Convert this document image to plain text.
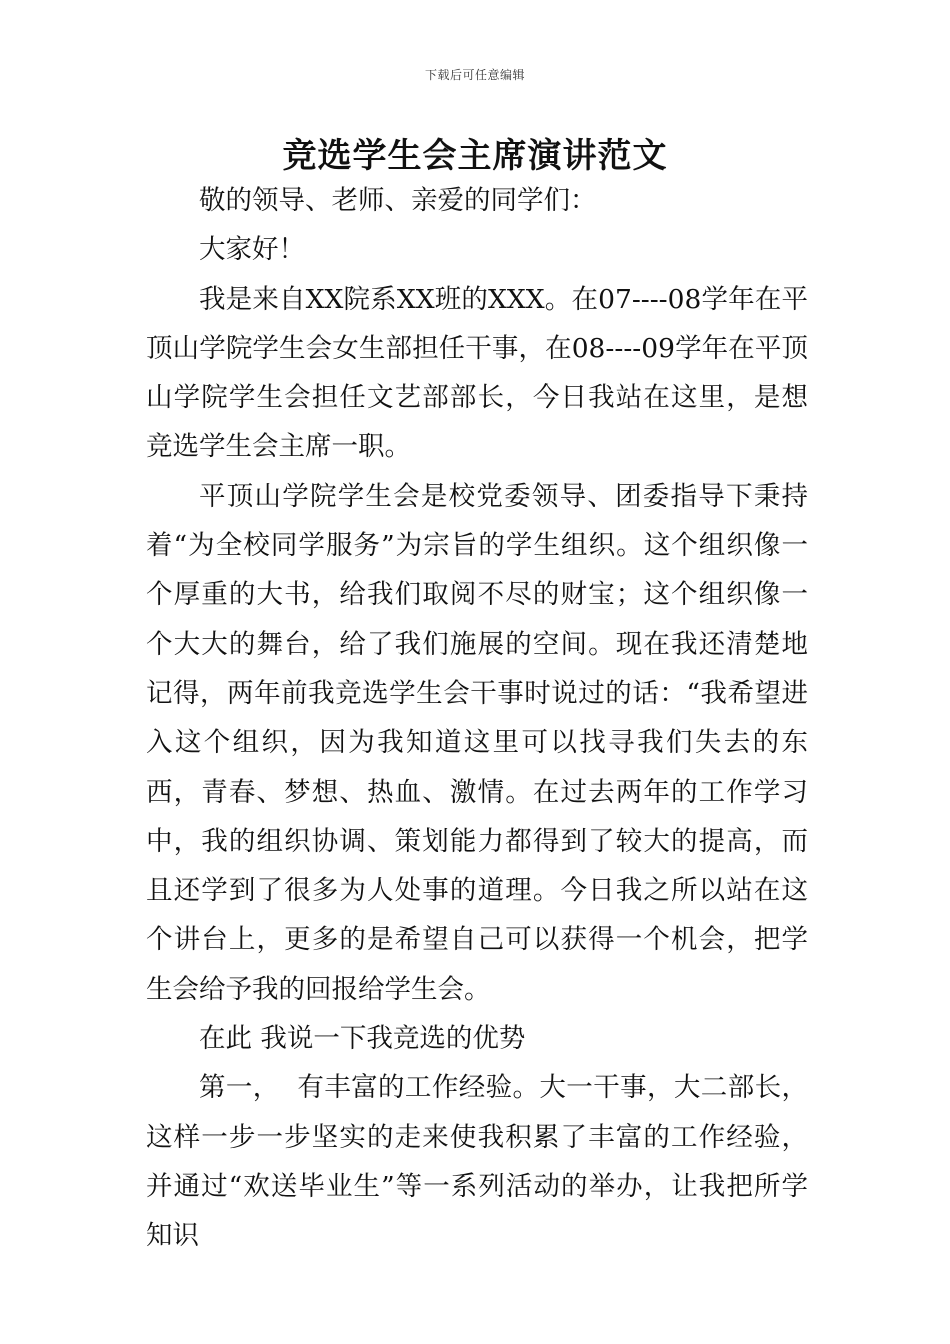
下载后可任意编辑
竞选学生会主席演讲范文

敬的领导、老师、亲爱的同学们：

大家好！

我是来自XX院系XX班的XXX。在07----08学年在平顶山学院学生会女生部担任干事，在08----09学年在平顶山学院学生会担任文艺部部长，今日我站在这里，是想竞选学生会主席一职。

平顶山学院学生会是校党委领导、团委指导下秉持着“为全校同学服务”为宗旨的学生组织。这个组织像一个厚重的大书，给我们取阅不尽的财宝；这个组织像一个大大的舞台，给了我们施展的空间。现在我还清楚地记得，两年前我竞选学生会干事时说过的话：“我希望进入这个组织，因为我知道这里可以找寻我们失去的东西，青春、梦想、热血、激情。在过去两年的工作学习中，我的组织协调、策划能力都得到了较大的提高，而且还学到了很多为人处事的道理。今日我之所以站在这个讲台上，更多的是希望自己可以获得一个机会，把学生会给予我的回报给学生会。

在此 我说一下我竞选的优势

第一，  有丰富的工作经验。大一干事，大二部长，这样一步一步坚实的走来使我积累了丰富的工作经验，并通过“欢送毕业生”等一系列活动的举办，让我把所学知识
